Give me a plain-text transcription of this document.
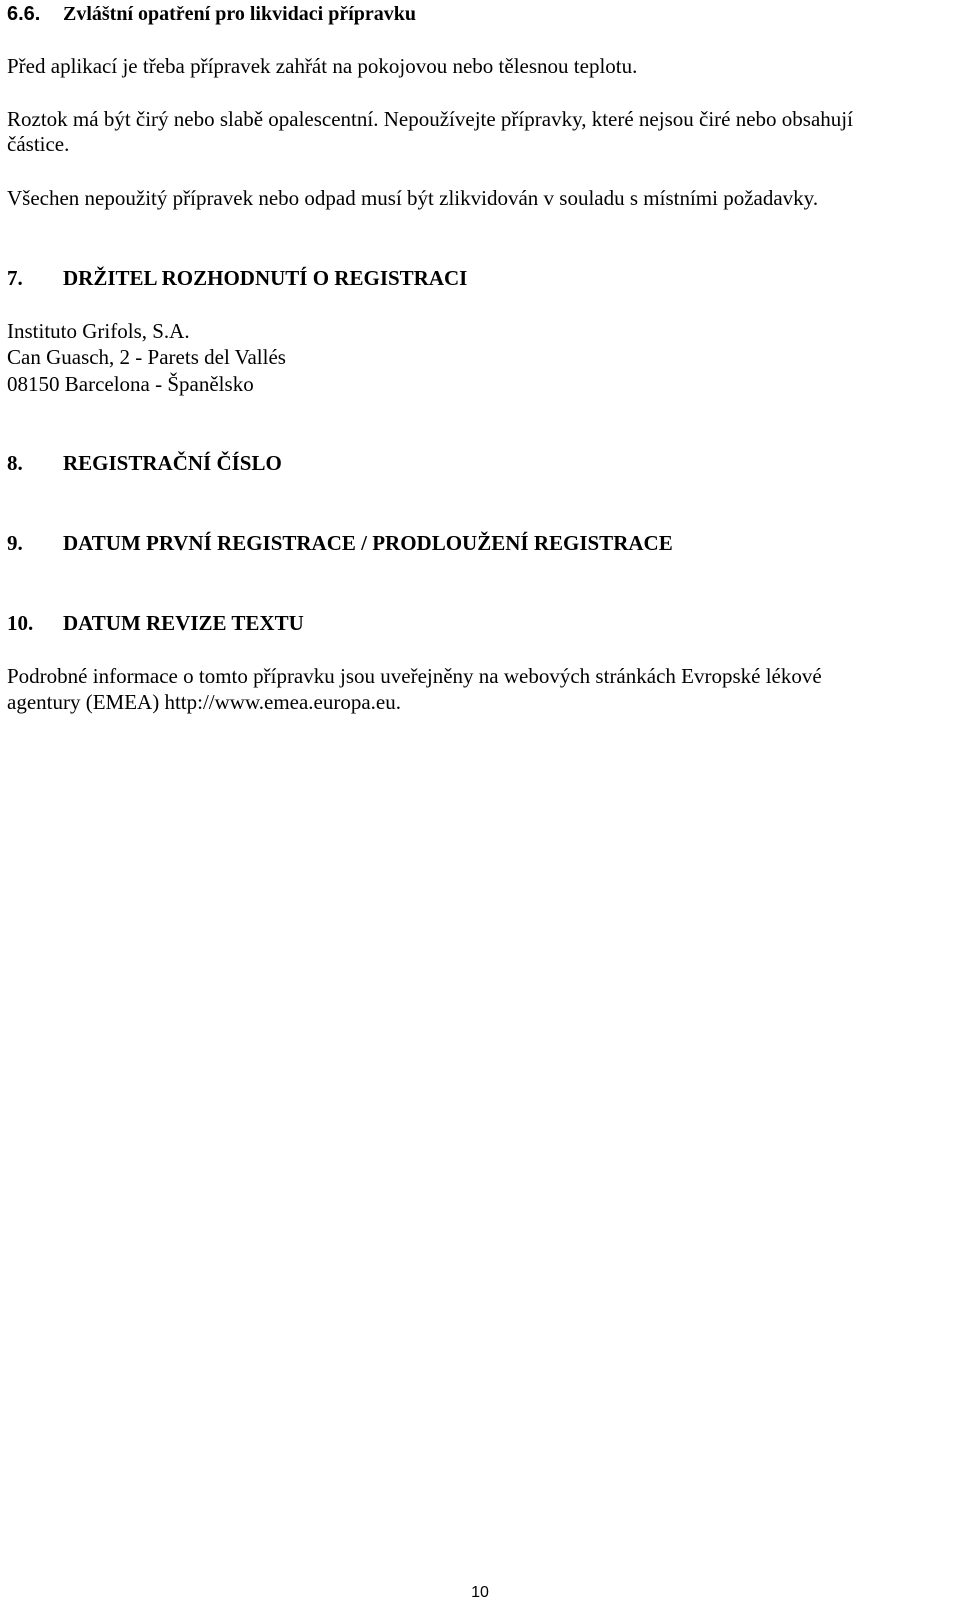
6.6. Zvláštní opatření pro likvidaci přípravku
Před aplikací je třeba přípravek zahřát na pokojovou nebo tělesnou teplotu.
Roztok má být čirý nebo slabě opalescentní. Nepoužívejte přípravky, které nejsou čiré nebo obsahují
částice.
Všechen nepoužitý přípravek nebo odpad musí být zlikvidován v souladu s místními požadavky.
7. DRŽITEL ROZHODNUTÍ O REGISTRACI
Instituto Grifols, S.A.
Can Guasch, 2 - Parets del Vallés
08150 Barcelona - Španělsko
8. REGISTRAČNÍ ČÍSLO
9. DATUM PRVNÍ REGISTRACE / PRODLOUŽENÍ REGISTRACE
10. DATUM REVIZE TEXTU
Podrobné informace o tomto přípravku jsou uveřejněny na webových stránkách Evropské lékové
agentury (EMEA) http://www.emea.europa.eu.
10
